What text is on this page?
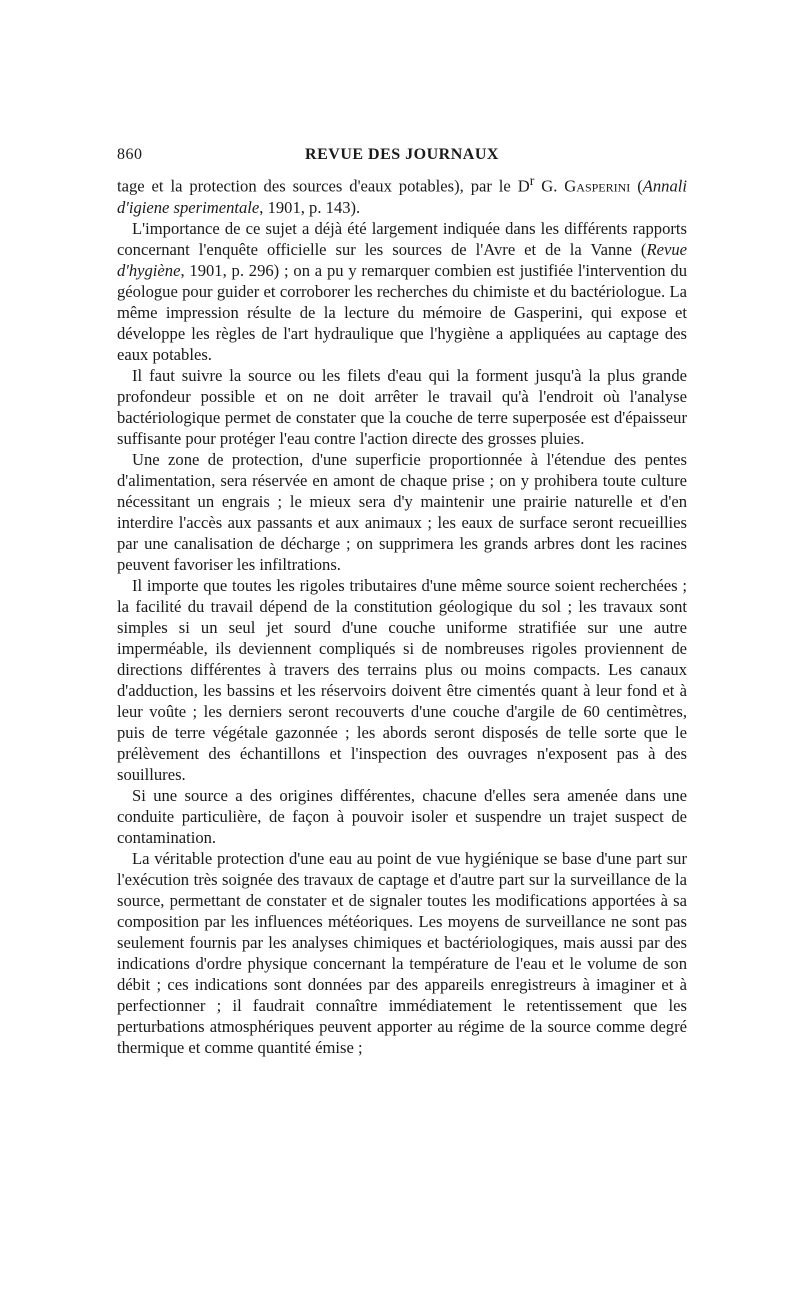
860	REVUE DES JOURNAUX

tage et la protection des sources d'eaux potables), par le $D^r$ G. Gasperini (Annali d'igiene sperimentale, 1901, p. 143).

L'importance de ce sujet a déjà été largement indiquée dans les différents rapports concernant l'enquête officielle sur les sources de l'Avre et de la Vanne (Revue d'hygiène, 1901, p. 296) ; on a pu y remarquer combien est justifiée l'intervention du géologue pour guider et corroborer les recherches du chimiste et du bactériologue. La même impression résulte de la lecture du mémoire de Gasperini, qui expose et développe les règles de l'art hydraulique que l'hygiène a appliquées au captage des eaux potables.

Il faut suivre la source ou les filets d'eau qui la forment jusqu'à la plus grande profondeur possible et on ne doit arrêter le travail qu'à l'endroit où l'analyse bactériologique permet de constater que la couche de terre superposée est d'épaisseur suffisante pour protéger l'eau contre l'action directe des grosses pluies.

Une zone de protection, d'une superficie proportionnée à l'étendue des pentes d'alimentation, sera réservée en amont de chaque prise ; on y prohibera toute culture nécessitant un engrais ; le mieux sera d'y maintenir une prairie naturelle et d'en interdire l'accès aux passants et aux animaux ; les eaux de surface seront recueillies par une canalisation de décharge ; on supprimera les grands arbres dont les racines peuvent favoriser les infiltrations.

Il importe que toutes les rigoles tributaires d'une même source soient recherchées ; la facilité du travail dépend de la constitution géologique du sol ; les travaux sont simples si un seul jet sourd d'une couche uniforme stratifiée sur une autre imperméable, ils deviennent compliqués si de nombreuses rigoles proviennent de directions différentes à travers des terrains plus ou moins compacts. Les canaux d'adduction, les bassins et les réservoirs doivent être cimentés quant à leur fond et à leur voûte ; les derniers seront recouverts d'une couche d'argile de 60 centimètres, puis de terre végétale gazonnée ; les abords seront disposés de telle sorte que le prélèvement des échantillons et l'inspection des ouvrages n'exposent pas à des souillures.

Si une source a des origines différentes, chacune d'elles sera amenée dans une conduite particulière, de façon à pouvoir isoler et suspendre un trajet suspect de contamination.

La véritable protection d'une eau au point de vue hygiénique se base d'une part sur l'exécution très soignée des travaux de captage et d'autre part sur la surveillance de la source, permettant de constater et de signaler toutes les modifications apportées à sa composition par les influences météoriques. Les moyens de surveillance ne sont pas seulement fournis par les analyses chimiques et bactériologiques, mais aussi par des indications d'ordre physique concernant la température de l'eau et le volume de son débit ; ces indications sont données par des appareils enregistreurs à imaginer et à perfectionner ; il faudrait connaître immédiatement le retentissement que les perturbations atmosphériques peuvent apporter au régime de la source comme degré thermique et comme quantité émise ;
